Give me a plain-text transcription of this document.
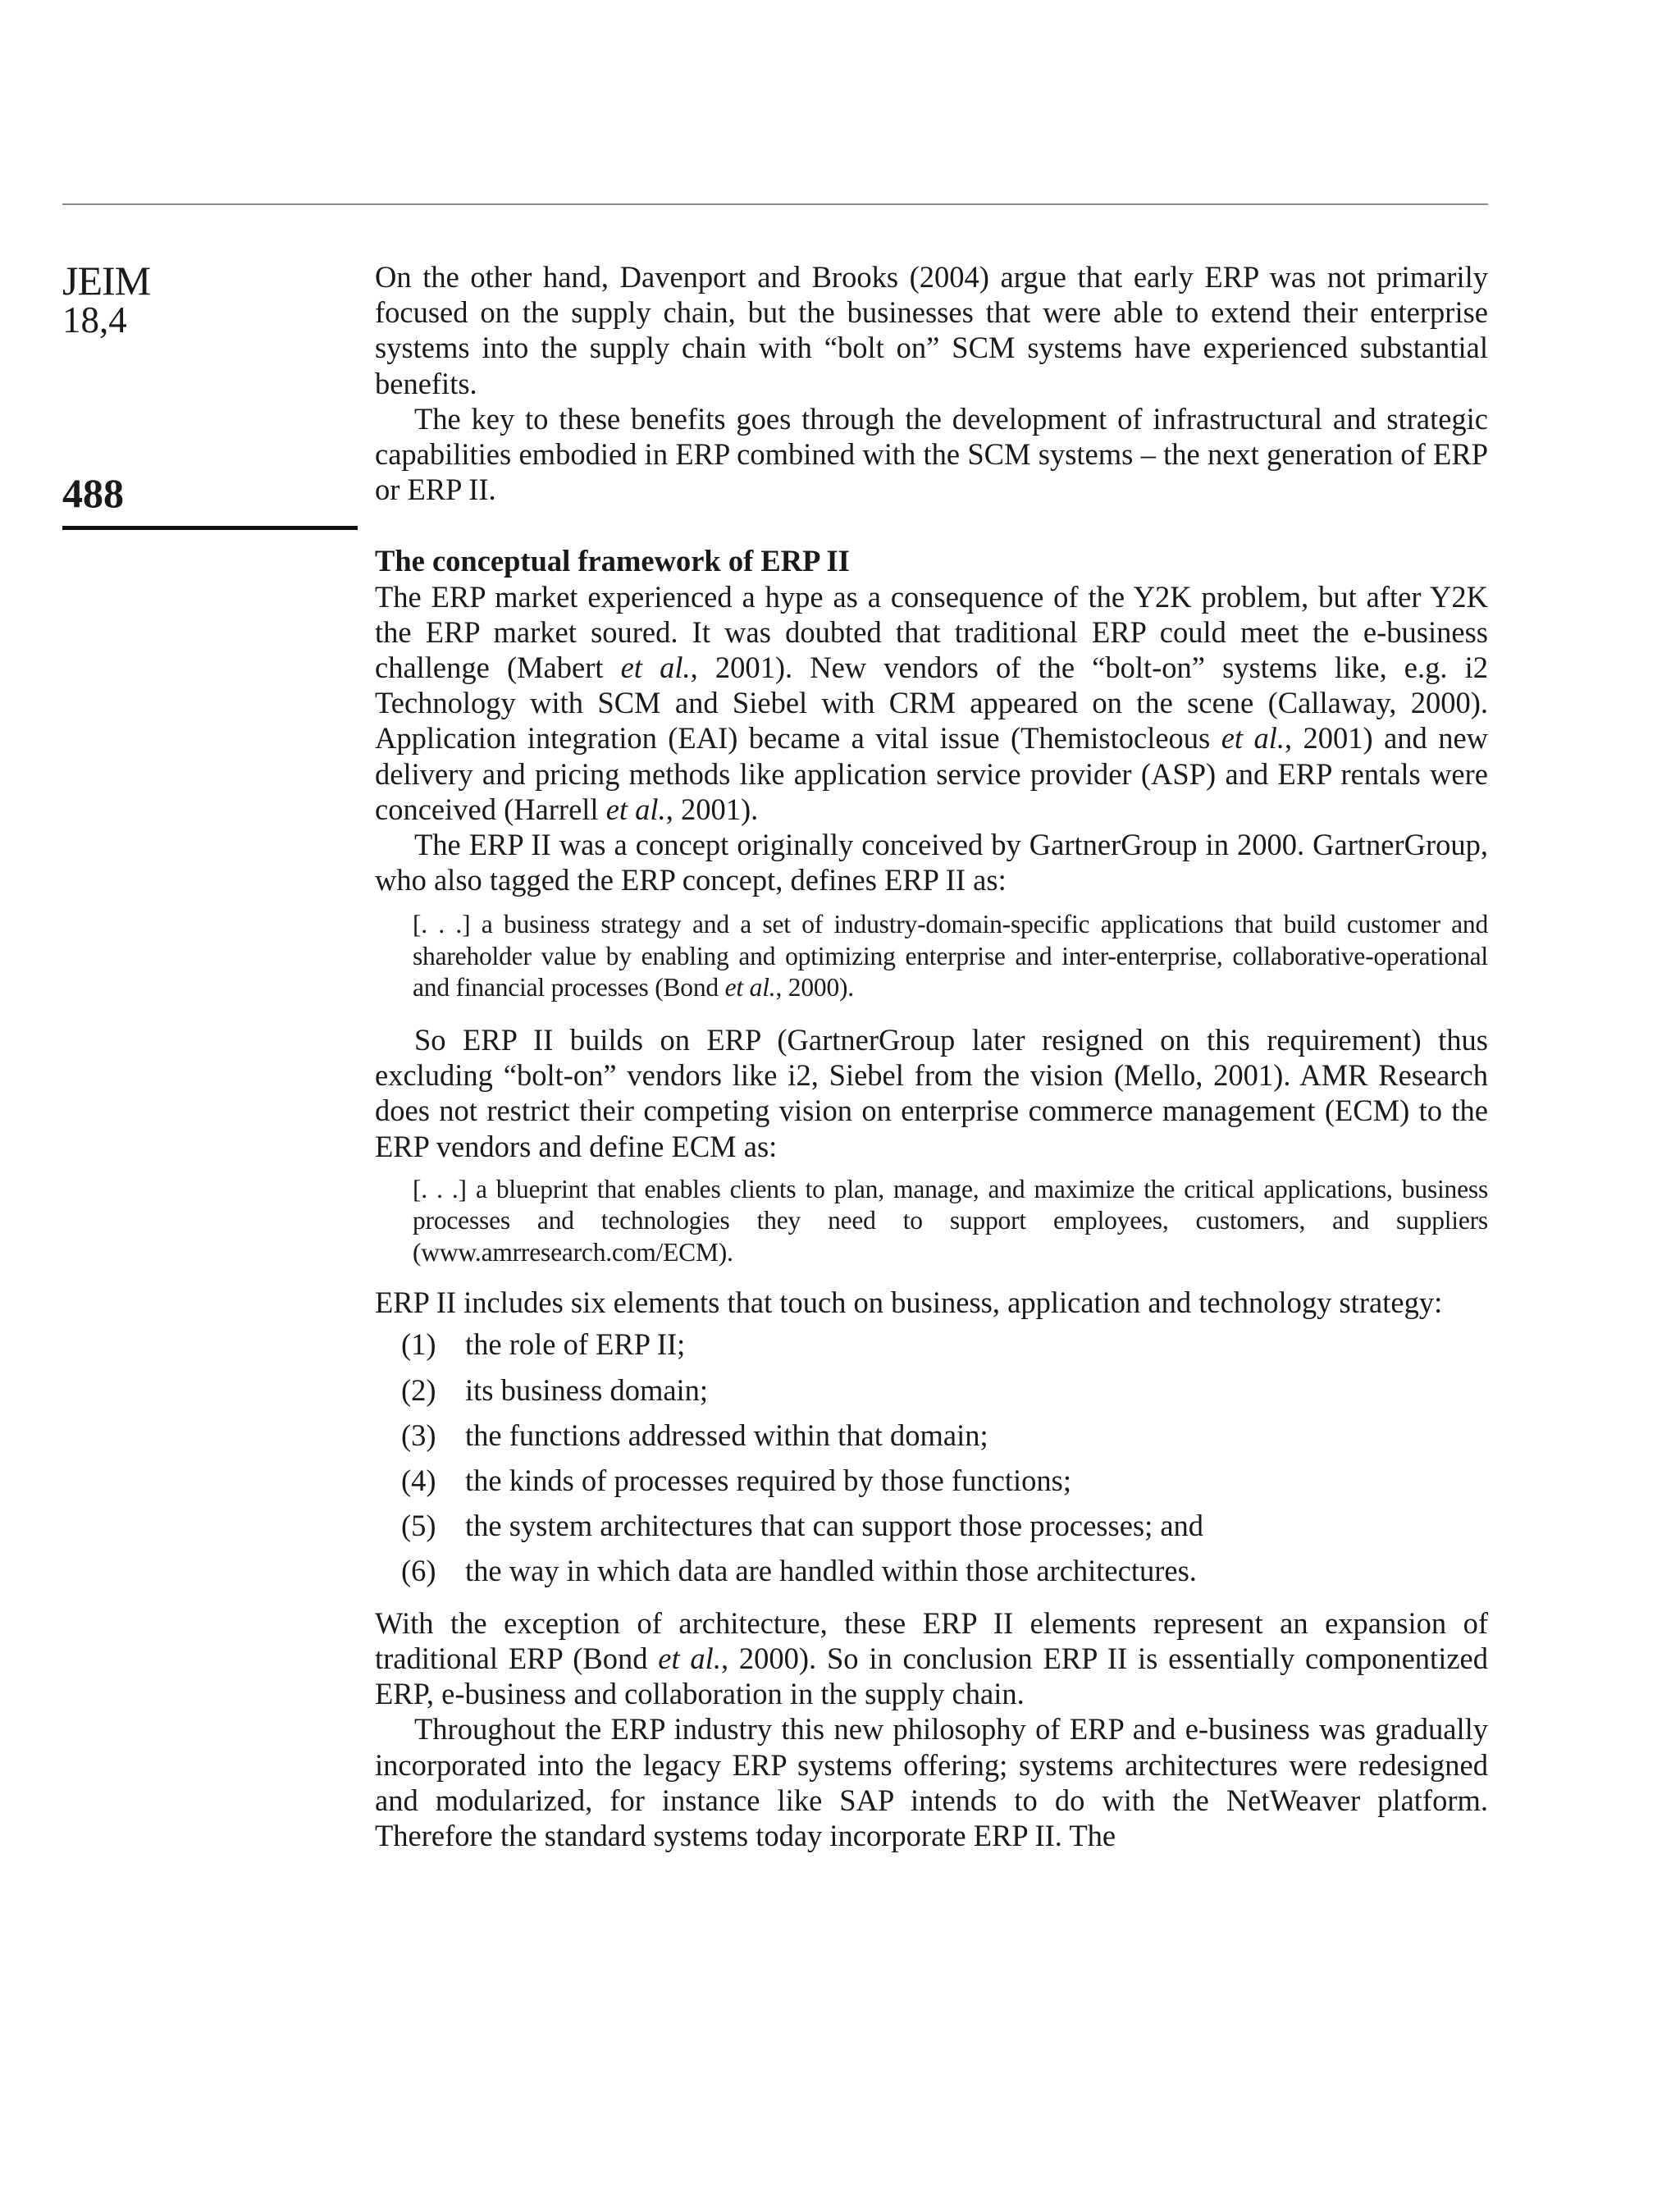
JEIM
18,4
488

On the other hand, Davenport and Brooks (2004) argue that early ERP was not primarily focused on the supply chain, but the businesses that were able to extend their enterprise systems into the supply chain with “bolt on” SCM systems have experienced substantial benefits.

The key to these benefits goes through the development of infrastructural and strategic capabilities embodied in ERP combined with the SCM systems – the next generation of ERP or ERP II.

The conceptual framework of ERP II

The ERP market experienced a hype as a consequence of the Y2K problem, but after Y2K the ERP market soured. It was doubted that traditional ERP could meet the e-business challenge (Mabert et al., 2001). New vendors of the “bolt-on” systems like, e.g. i2 Technology with SCM and Siebel with CRM appeared on the scene (Callaway, 2000). Application integration (EAI) became a vital issue (Themistocleous et al., 2001) and new delivery and pricing methods like application service provider (ASP) and ERP rentals were conceived (Harrell et al., 2001).

The ERP II was a concept originally conceived by GartnerGroup in 2000. GartnerGroup, who also tagged the ERP concept, defines ERP II as:

[. . .] a business strategy and a set of industry-domain-specific applications that build customer and shareholder value by enabling and optimizing enterprise and inter-enterprise, collaborative-operational and financial processes (Bond et al., 2000).

So ERP II builds on ERP (GartnerGroup later resigned on this requirement) thus excluding “bolt-on” vendors like i2, Siebel from the vision (Mello, 2001). AMR Research does not restrict their competing vision on enterprise commerce management (ECM) to the ERP vendors and define ECM as:

[. . .] a blueprint that enables clients to plan, manage, and maximize the critical applications, business processes and technologies they need to support employees, customers, and suppliers (www.amrresearch.com/ECM).

ERP II includes six elements that touch on business, application and technology strategy:

(1) the role of ERP II;
(2) its business domain;
(3) the functions addressed within that domain;
(4) the kinds of processes required by those functions;
(5) the system architectures that can support those processes; and
(6) the way in which data are handled within those architectures.

With the exception of architecture, these ERP II elements represent an expansion of traditional ERP (Bond et al., 2000). So in conclusion ERP II is essentially componentized ERP, e-business and collaboration in the supply chain.

Throughout the ERP industry this new philosophy of ERP and e-business was gradually incorporated into the legacy ERP systems offering; systems architectures were redesigned and modularized, for instance like SAP intends to do with the NetWeaver platform. Therefore the standard systems today incorporate ERP II. The
